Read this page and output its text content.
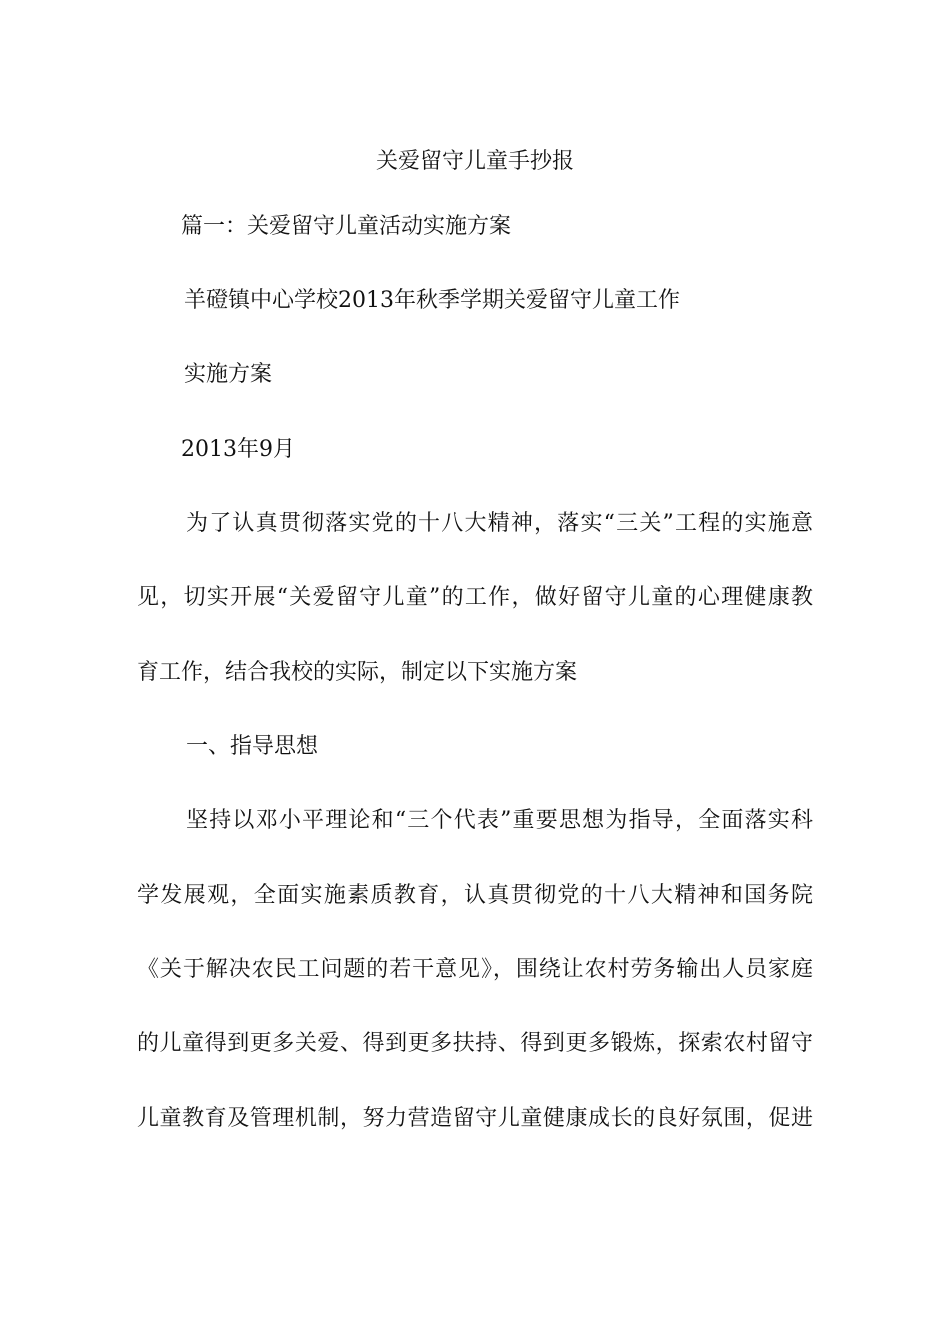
关爱留守儿童手抄报
篇一：关爱留守儿童活动实施方案
羊磴镇中心学校2013年秋季学期关爱留守儿童工作
实施方案
2013年9月
为了认真贯彻落实党的十八大精神，落实“三关”工程的实施意
见，切实开展“关爱留守儿童”的工作，做好留守儿童的心理健康教
育工作，结合我校的实际，制定以下实施方案
一、指导思想
坚持以邓小平理论和“三个代表”重要思想为指导，全面落实科
学发展观，全面实施素质教育，认真贯彻党的十八大精神和国务院
《关于解决农民工问题的若干意见》，围绕让农村劳务输出人员家庭
的儿童得到更多关爱、得到更多扶持、得到更多锻炼，探索农村留守
儿童教育及管理机制，努力营造留守儿童健康成长的良好氛围，促进
